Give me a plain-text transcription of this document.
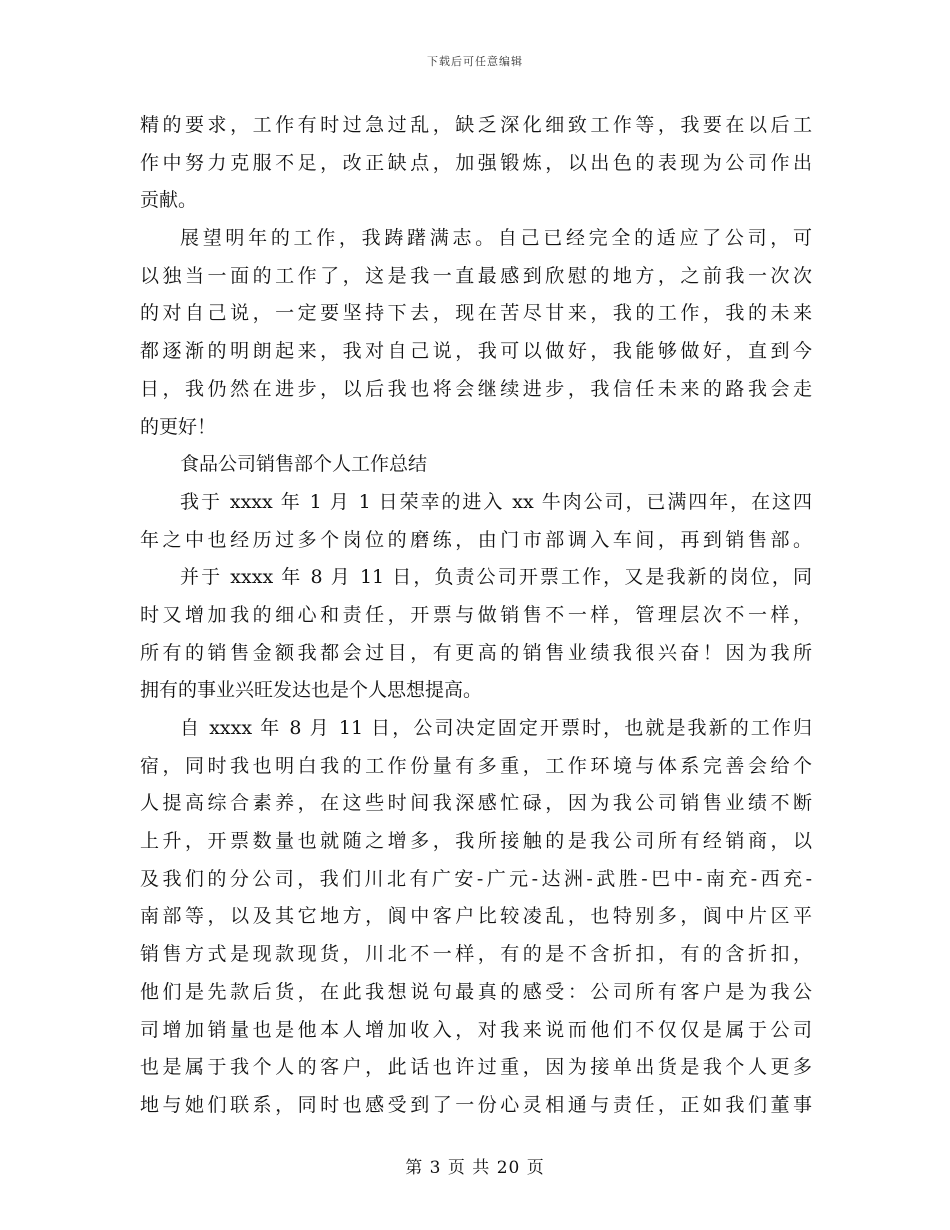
下载后可任意编辑
精的要求，工作有时过急过乱，缺乏深化细致工作等，我要在以后工
作中努力克服不足，改正缺点，加强锻炼，以出色的表现为公司作出
贡献。
展望明年的工作，我踌躇满志。自己已经完全的适应了公司，可
以独当一面的工作了，这是我一直最感到欣慰的地方，之前我一次次
的对自己说，一定要坚持下去，现在苦尽甘来，我的工作，我的未来
都逐渐的明朗起来，我对自己说，我可以做好，我能够做好，直到今
日，我仍然在进步，以后我也将会继续进步，我信任未来的路我会走
的更好！
食品公司销售部个人工作总结
我于 xxxx 年 1 月 1 日荣幸的进入 xx 牛肉公司，已满四年，在这四
年之中也经历过多个岗位的磨练，由门市部调入车间，再到销售部。
并于 xxxx 年 8 月 11 日，负责公司开票工作，又是我新的岗位，同
时又增加我的细心和责任，开票与做销售不一样，管理层次不一样，
所有的销售金额我都会过目，有更高的销售业绩我很兴奋！因为我所
拥有的事业兴旺发达也是个人思想提高。
自 xxxx 年 8 月 11 日，公司决定固定开票时，也就是我新的工作归
宿，同时我也明白我的工作份量有多重，工作环境与体系完善会给个
人提高综合素养，在这些时间我深感忙碌，因为我公司销售业绩不断
上升，开票数量也就随之增多，我所接触的是我公司所有经销商，以
及我们的分公司，我们川北有广安-广元-达洲-武胜-巴中-南充-西充-
南部等，以及其它地方，阆中客户比较凌乱，也特别多，阆中片区平
销售方式是现款现货，川北不一样，有的是不含折扣，有的含折扣，
他们是先款后货，在此我想说句最真的感受：公司所有客户是为我公
司增加销量也是他本人增加收入，对我来说而他们不仅仅是属于公司
也是属于我个人的客户，此话也许过重，因为接单出货是我个人更多
地与她们联系，同时也感受到了一份心灵相通与责任，正如我们董事
第 3 页 共 20 页
